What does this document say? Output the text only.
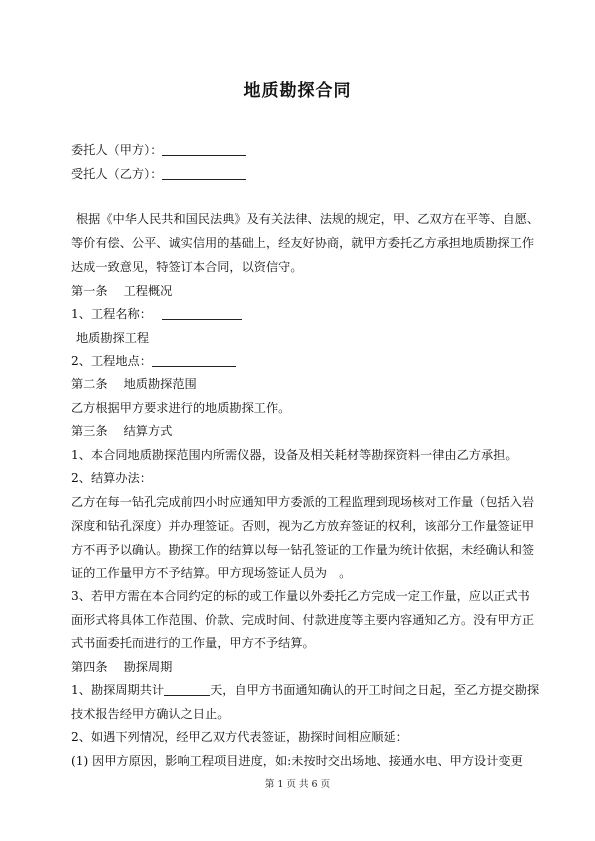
地质勘探合同
委托人（甲方）：
受托人（乙方）：
根据《中华人民共和国民法典》及有关法律、法规的规定，甲、乙双方在平等、自愿、
等价有偿、公平、诚实信用的基础上，经友好协商，就甲方委托乙方承担地质勘探工作
达成一致意见，特签订本合同，以资信守。
第一条　 工程概况
1、工程名称：
地质勘探工程
2、工程地点：
第二条　 地质勘探范围
乙方根据甲方要求进行的地质勘探工作。
第三条　 结算方式
1、本合同地质勘探范围内所需仪器，设备及相关耗材等勘探资料一律由乙方承担。
2、结算办法：
乙方在每一钻孔完成前四小时应通知甲方委派的工程监理到现场核对工作量（包括入岩
深度和钻孔深度）并办理签证。否则，视为乙方放弃签证的权利，该部分工作量签证甲
方不再予以确认。勘探工作的结算以每一钻孔签证的工作量为统计依据，未经确认和签
证的工作量甲方不予结算。甲方现场签证人员为　。
3、若甲方需在本合同约定的标的或工作量以外委托乙方完成一定工作量，应以正式书
面形式将具体工作范围、价款、完成时间、付款进度等主要内容通知乙方。没有甲方正
式书面委托而进行的工作量，甲方不予结算。
第四条　 勘探周期
1、勘探周期共计	天，自甲方书面通知确认的开工时间之日起，至乙方提交勘探
技术报告经甲方确认之日止。
2、如遇下列情况，经甲乙双方代表签证，勘探时间相应顺延：
(1) 因甲方原因，影响工程项目进度，如:未按时交出场地、接通水电、甲方设计变更
第 1 页 共 6 页
